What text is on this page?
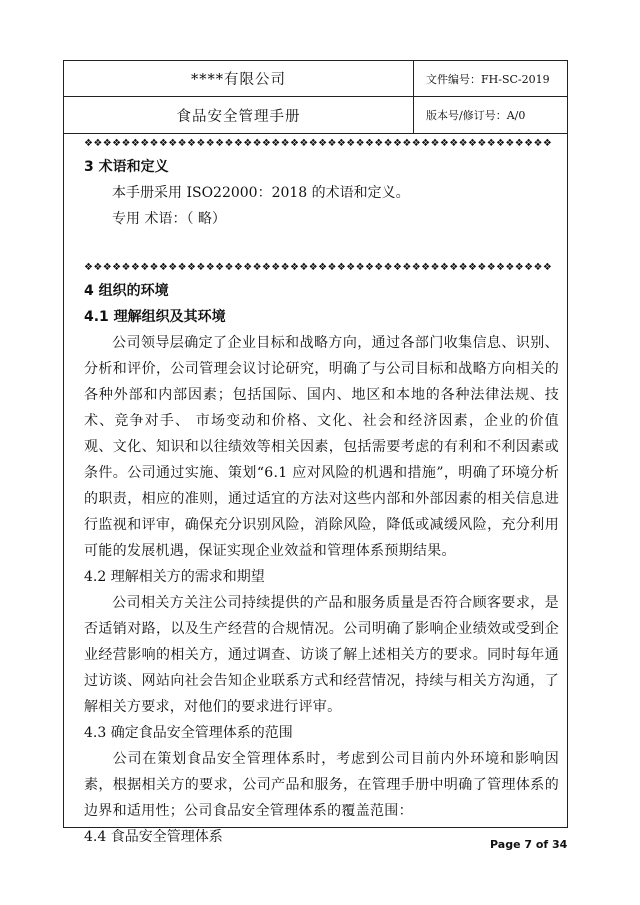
****有限公司	文件编号：FH-SC-2019
食品安全管理手册	版本号/修订号：A/0
❖❖❖❖❖❖❖❖❖❖❖❖❖❖❖❖❖❖❖❖❖❖❖❖❖❖❖❖❖❖❖❖❖❖❖❖❖❖❖❖❖❖❖❖❖❖❖❖❖❖
3 术语和定义
本手册采用 ISO22000：2018 的术语和定义。
专用 术语：（ 略）
❖❖❖❖❖❖❖❖❖❖❖❖❖❖❖❖❖❖❖❖❖❖❖❖❖❖❖❖❖❖❖❖❖❖❖❖❖❖❖❖❖❖❖❖❖❖❖❖❖❖
4 组织的环境
4.1 理解组织及其环境
公司领导层确定了企业目标和战略方向，通过各部门收集信息、识别、分析和评价，公司管理会议讨论研究，明确了与公司目标和战略方向相关的各种外部和内部因素；包括国际、国内、地区和本地的各种法律法规、技术、竞争对手、 市场变动和价格、文化、社会和经济因素，企业的价值观、文化、知识和以往绩效等相关因素，包括需要考虑的有利和不利因素或条件。公司通过实施、策划“6.1 应对风险的机遇和措施”，明确了环境分析的职责，相应的准则，通过适宜的方法对这些内部和外部因素的相关信息进行监视和评审，确保充分识别风险，消除风险，降低或减缓风险，充分利用可能的发展机遇，保证实现企业效益和管理体系预期结果。
4.2 理解相关方的需求和期望
公司相关方关注公司持续提供的产品和服务质量是否符合顾客要求，是否适销对路，以及生产经营的合规情况。公司明确了影响企业绩效或受到企业经营影响的相关方，通过调查、访谈了解上述相关方的要求。同时每年通过访谈、网站向社会告知企业联系方式和经营情况，持续与相关方沟通，了解相关方要求，对他们的要求进行评审。
4.3 确定食品安全管理体系的范围
公司在策划食品安全管理体系时，考虑到公司目前内外环境和影响因素，根据相关方的要求，公司产品和服务，在管理手册中明确了管理体系的边界和适用性；公司食品安全管理体系的覆盖范围：
4.4 食品安全管理体系	Page 7 of 34
